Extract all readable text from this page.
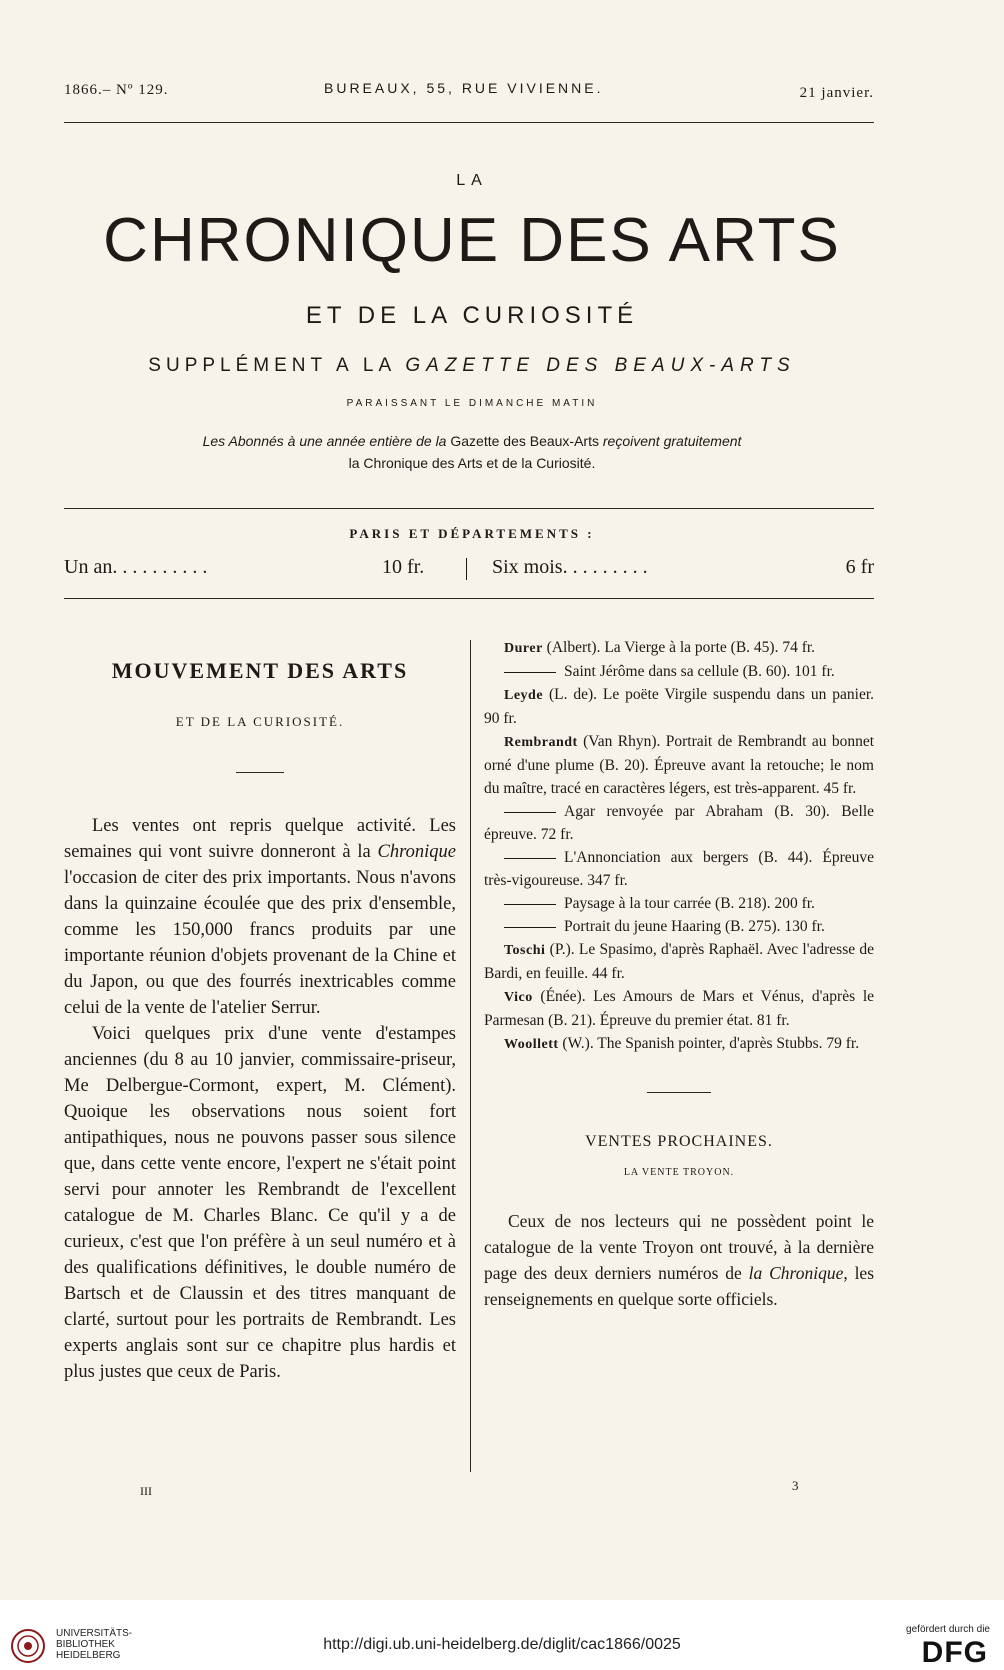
1866.– Nº 129.	BUREAUX, 55, RUE VIVIENNE.	21 janvier.
LA
CHRONIQUE DES ARTS
ET DE LA CURIOSITÉ
SUPPLÉMENT A LA GAZETTE DES BEAUX-ARTS
PARAISSANT LE DIMANCHE MATIN
Les Abonnés à une année entière de la Gazette des Beaux-Arts reçoivent gratuitement
la Chronique des Arts et de la Curiosité.
PARIS ET DÉPARTEMENTS :
Un an. . . . . . . . . .	10 fr.	Six mois. . . . . . . . .	6 fr
MOUVEMENT DES ARTS
ET DE LA CURIOSITÉ.

Les ventes ont repris quelque activité. Les semaines qui vont suivre donneront à la Chronique l'occasion de citer des prix importants. Nous n'avons dans la quinzaine écoulée que des prix d'ensemble, comme les 150,000 francs produits par une importante réunion d'objets provenant de la Chine et du Japon, ou que des fourrés inextricables comme celui de la vente de l'atelier Serrur.

Voici quelques prix d'une vente d'estampes anciennes (du 8 au 10 janvier, commissaire-priseur, Me Delbergue-Cormont, expert, M. Clément). Quoique les observations nous soient fort antipathiques, nous ne pouvons passer sous silence que, dans cette vente encore, l'expert ne s'était point servi pour annoter les Rembrandt de l'excellent catalogue de M. Charles Blanc. Ce qu'il y a de curieux, c'est que l'on préfère à un seul numéro et à des qualifications définitives, le double numéro de Bartsch et de Claussin et des titres manquant de clarté, surtout pour les portraits de Rembrandt. Les experts anglais sont sur ce chapitre plus hardis et plus justes que ceux de Paris.

Durer (Albert). La Vierge à la porte (B. 45). 74 fr.

Saint Jérôme dans sa cellule (B. 60). 101 fr.

Leyde (L. de). Le poëte Virgile suspendu dans un panier. 90 fr.

Rembrandt (Van Rhyn). Portrait de Rembrandt au bonnet orné d'une plume (B. 20). Épreuve avant la retouche; le nom du maître, tracé en caractères légers, est très-apparent. 45 fr.

Agar renvoyée par Abraham (B. 30). Belle épreuve. 72 fr.

L'Annonciation aux bergers (B. 44). Épreuve très-vigoureuse. 347 fr.

Paysage à la tour carrée (B. 218). 200 fr.

Portrait du jeune Haaring (B. 275). 130 fr.

Toschi (P.). Le Spasimo, d'après Raphaël. Avec l'adresse de Bardi, en feuille. 44 fr.

Vico (Énée). Les Amours de Mars et Vénus, d'après le Parmesan (B. 21). Épreuve du premier état. 81 fr.

Woollett (W.). The Spanish pointer, d'après Stubbs. 79 fr.

VENTES PROCHAINES.
LA VENTE TROYON.

Ceux de nos lecteurs qui ne possèdent point le catalogue de la vente Troyon ont trouvé, à la dernière page des deux derniers numéros de la Chronique, les renseignements en quelque sorte officiels.

III	3
UNIVERSITÄTS-
BIBLIOTHEK
HEIDELBERG
http://digi.ub.uni-heidelberg.de/diglit/cac1866/0025
gefördert durch die
DFG
